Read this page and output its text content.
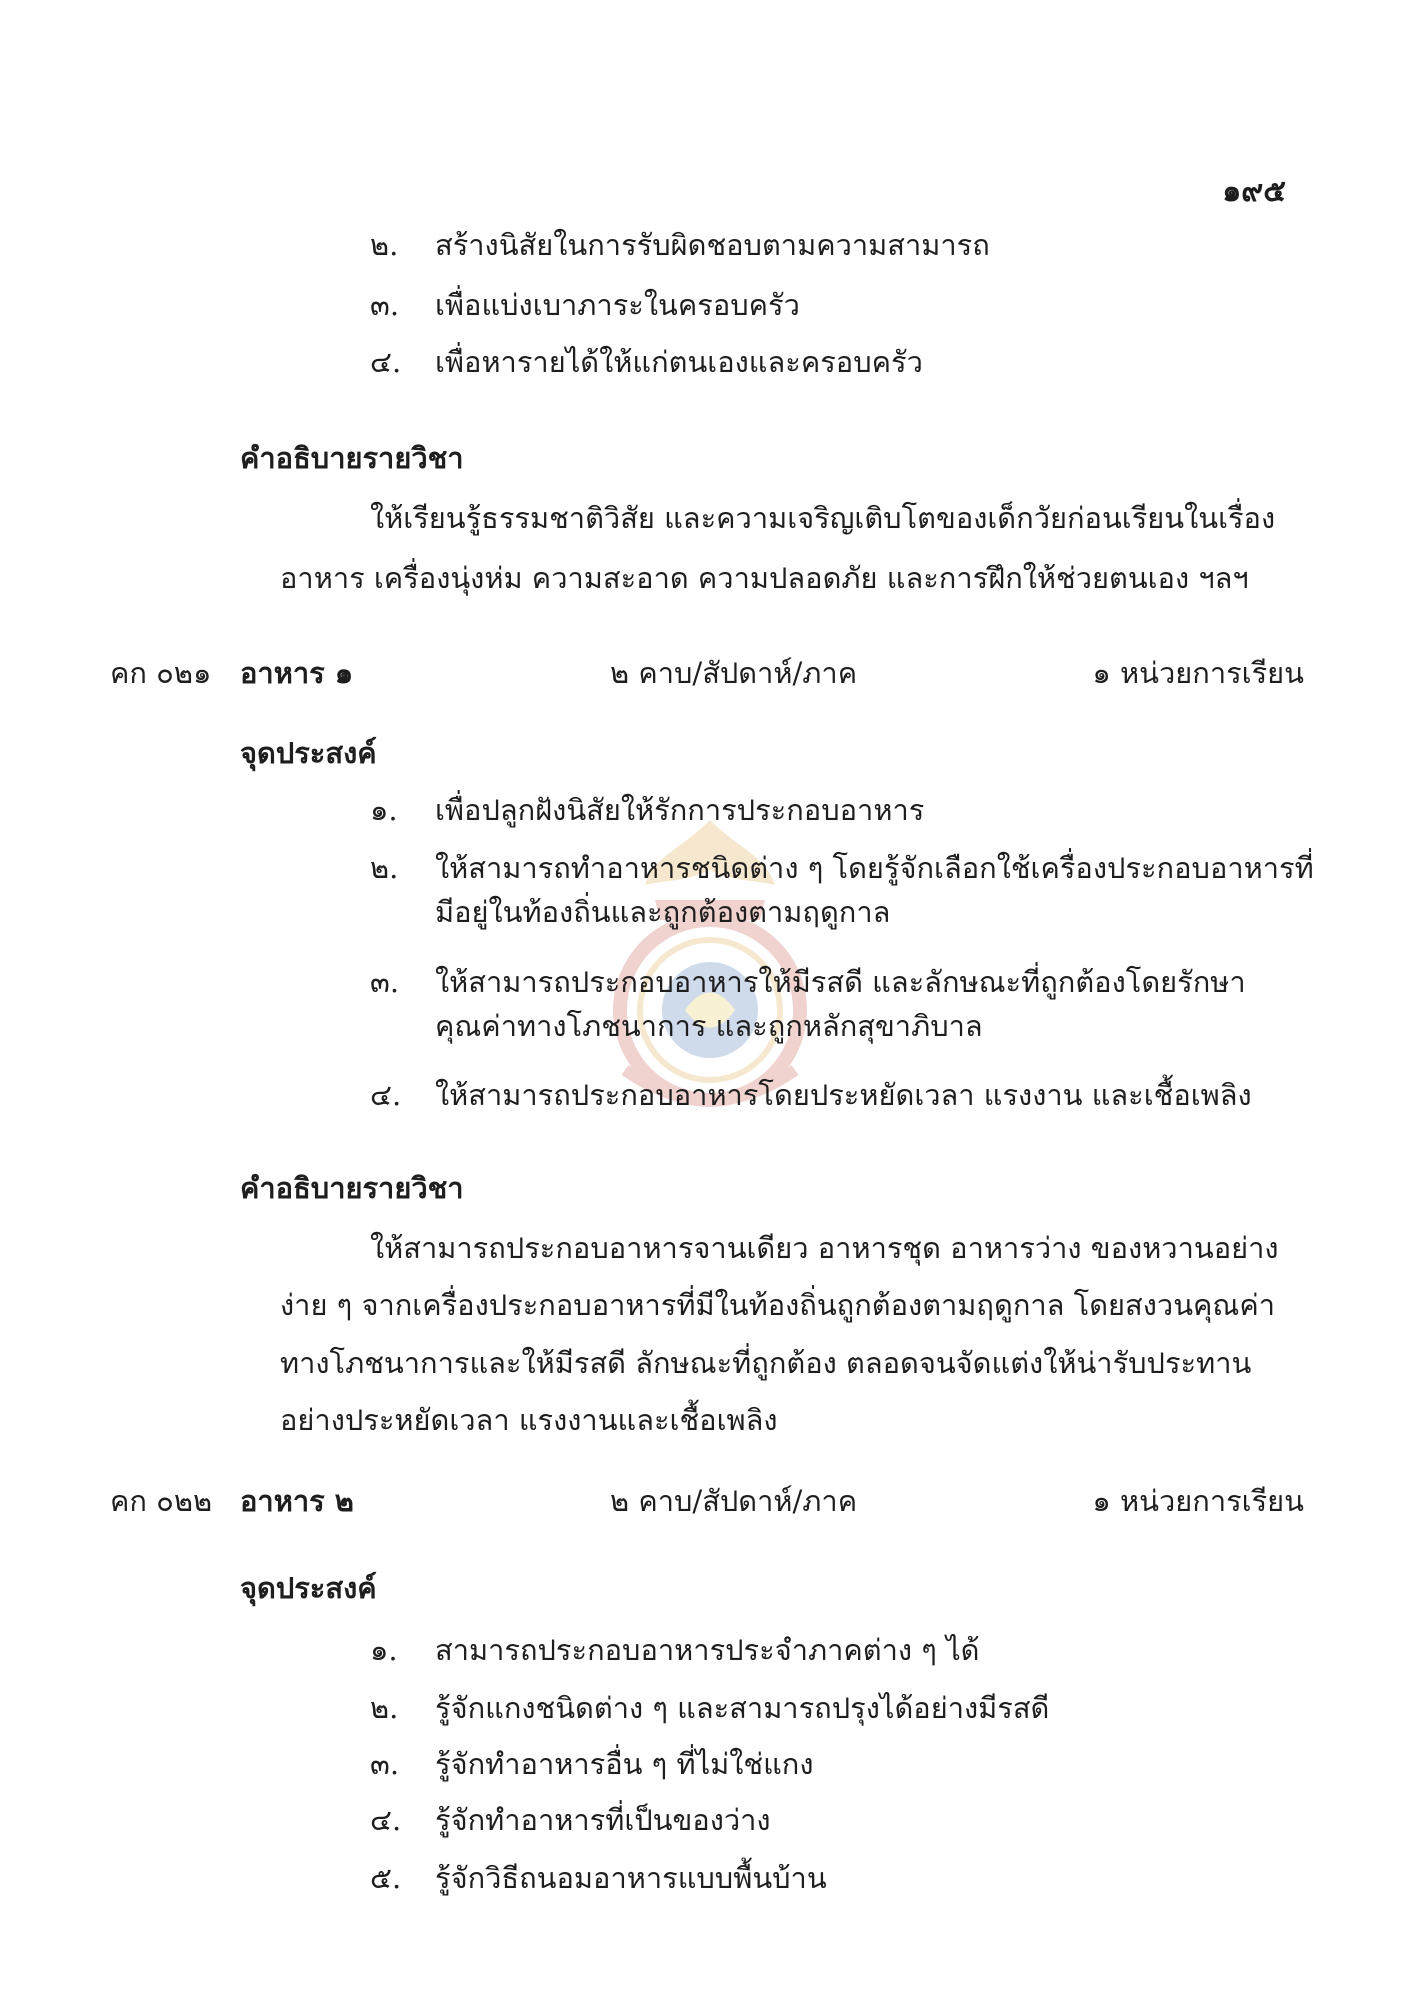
๑๙๕
๒.	สร้างนิสัยในการรับผิดชอบตามความสามารถ
๓.	เพื่อแบ่งเบาภาระในครอบครัว
๔.	เพื่อหารายได้ให้แก่ตนเองและครอบครัว
คำอธิบายรายวิชา
ให้เรียนรู้ธรรมชาติวิสัย และความเจริญเติบโตของเด็กวัยก่อนเรียนในเรื่อง
อาหาร เครื่องนุ่งห่ม ความสะอาด ความปลอดภัย และการฝึกให้ช่วยตนเอง ฯลฯ
คก ๐๒๑ อาหาร ๑	๒ คาบ/สัปดาห์/ภาค	๑ หน่วยการเรียน
จุดประสงค์
๑.	เพื่อปลูกฝังนิสัยให้รักการประกอบอาหาร
๒.	ให้สามารถทำอาหารชนิดต่าง ๆ โดยรู้จักเลือกใช้เครื่องประกอบอาหารที่
มีอยู่ในท้องถิ่นและถูกต้องตามฤดูกาล
๓.	ให้สามารถประกอบอาหารให้มีรสดี และลักษณะที่ถูกต้องโดยรักษา
คุณค่าทางโภชนาการ และถูกหลักสุขาภิบาล
๔.	ให้สามารถประกอบอาหารโดยประหยัดเวลา แรงงาน และเชื้อเพลิง
คำอธิบายรายวิชา
ให้สามารถประกอบอาหารจานเดียว อาหารชุด อาหารว่าง ของหวานอย่าง
ง่าย ๆ จากเครื่องประกอบอาหารที่มีในท้องถิ่นถูกต้องตามฤดูกาล โดยสงวนคุณค่า
ทางโภชนาการและให้มีรสดี ลักษณะที่ถูกต้อง ตลอดจนจัดแต่งให้น่ารับประทาน
อย่างประหยัดเวลา แรงงานและเชื้อเพลิง
คก ๐๒๒ อาหาร ๒	๒ คาบ/สัปดาห์/ภาค	๑ หน่วยการเรียน
จุดประสงค์
๑.	สามารถประกอบอาหารประจำภาคต่าง ๆ ได้
๒.	รู้จักแกงชนิดต่าง ๆ และสามารถปรุงได้อย่างมีรสดี
๓.	รู้จักทำอาหารอื่น ๆ ที่ไม่ใช่แกง
๔.	รู้จักทำอาหารที่เป็นของว่าง
๕.	รู้จักวิธีถนอมอาหารแบบพื้นบ้าน
